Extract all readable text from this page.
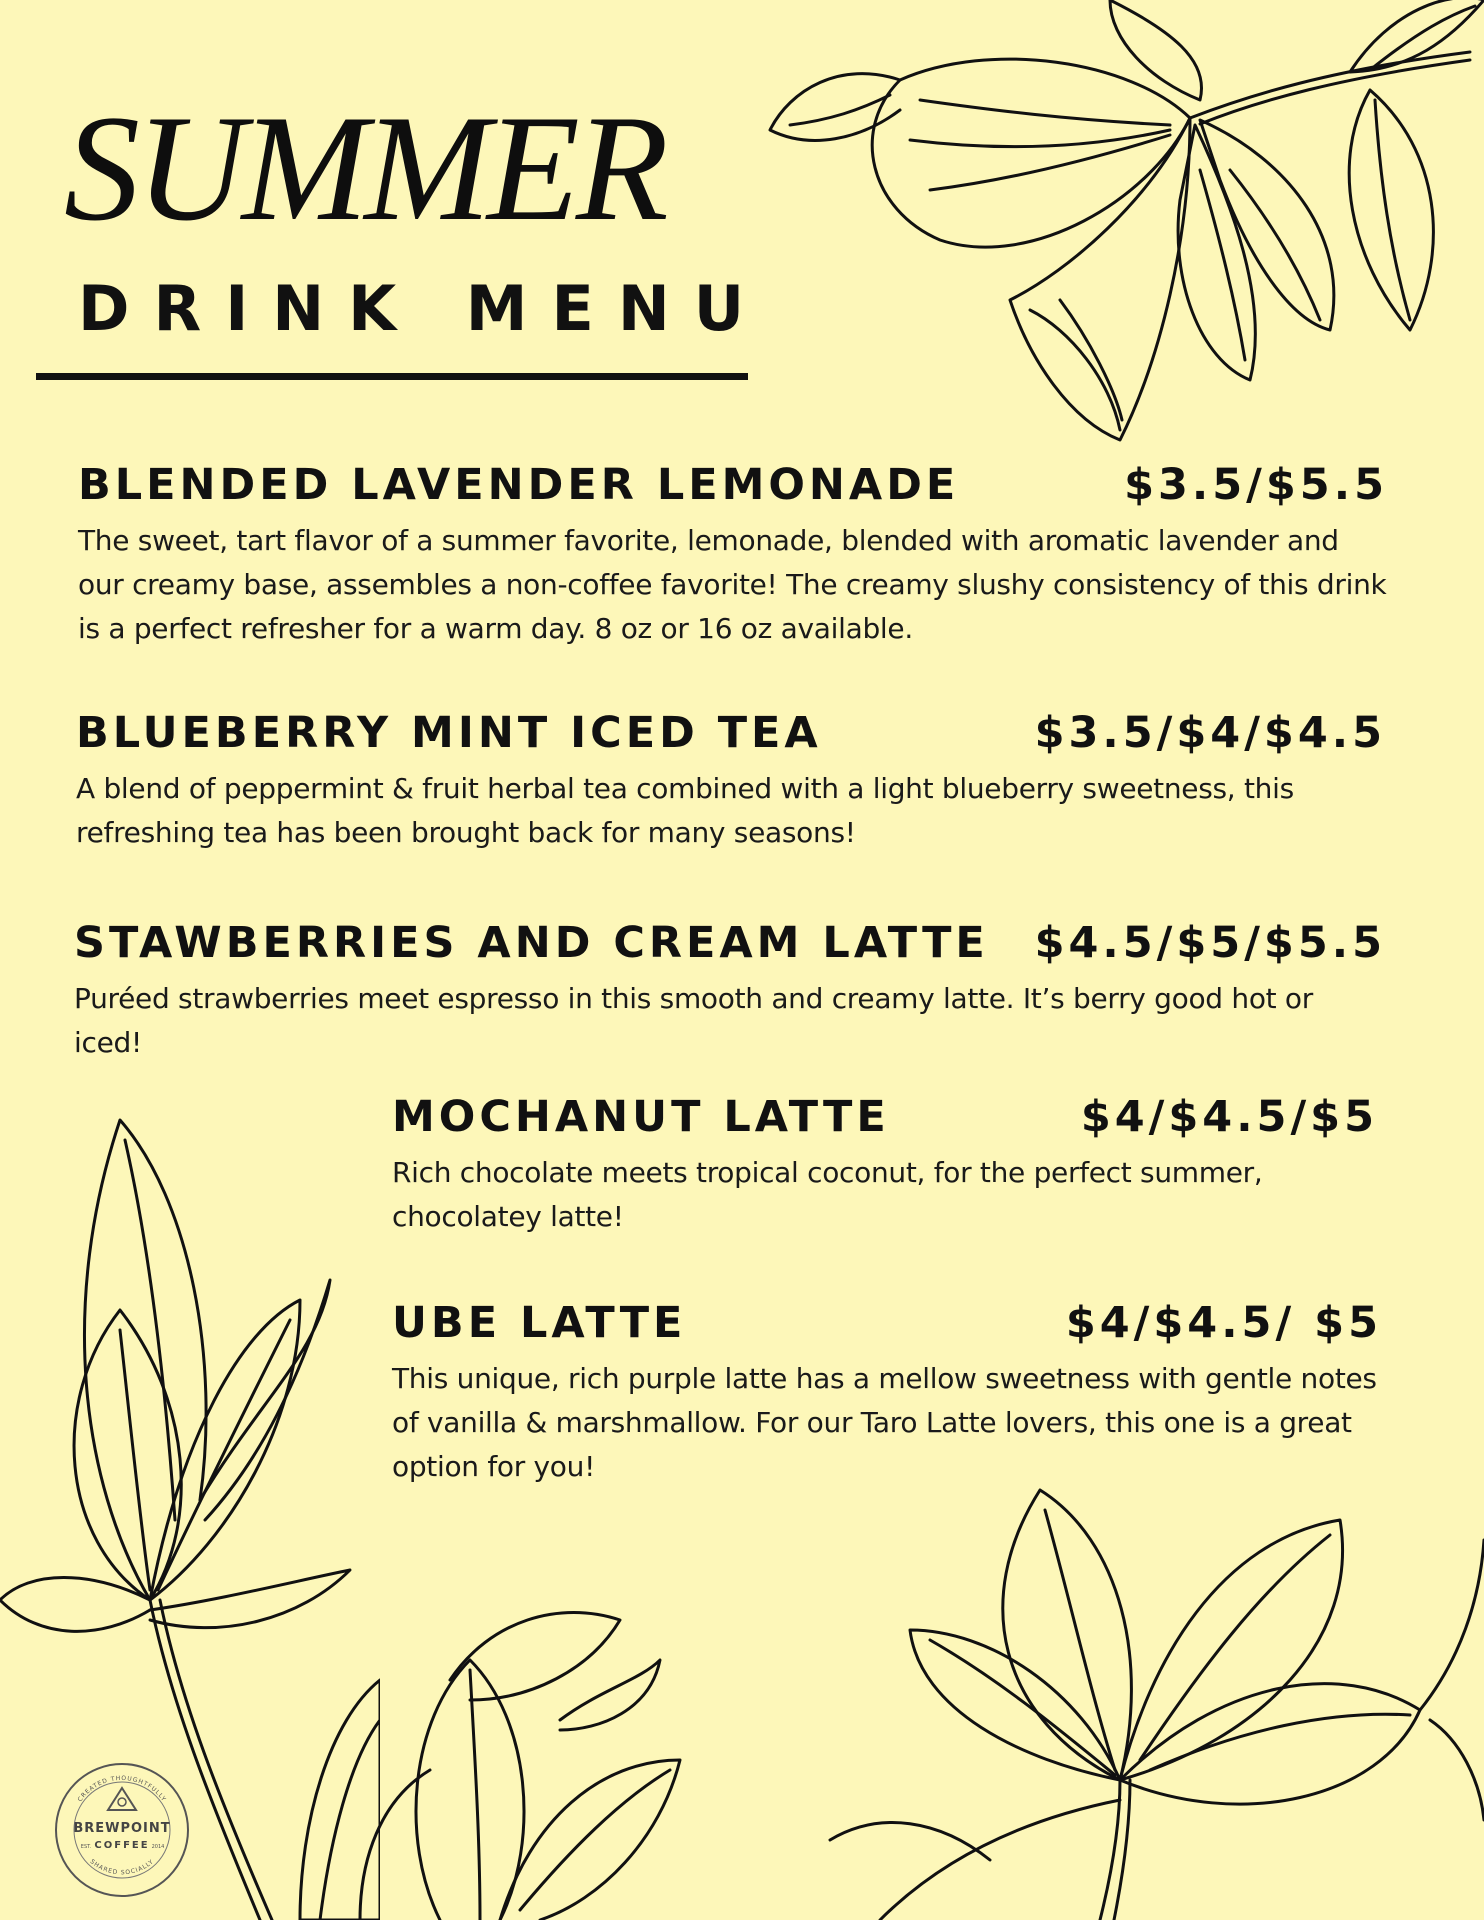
SUMMER
DRINK MENU
BLENDED LAVENDER LEMONADE	$3.5/$5.5

The sweet, tart flavor of a summer favorite, lemonade, blended with aromatic lavender and our creamy base, assembles a non-coffee favorite! The creamy slushy consistency of this drink is a perfect refresher for a warm day. 8 oz or 16 oz available.

BLUEBERRY MINT ICED TEA	$3.5/$4/$4.5

A blend of peppermint & fruit herbal tea combined with a light blueberry sweetness, this refreshing tea has been brought back for many seasons!

STAWBERRIES AND CREAM LATTE $4.5/$5/$5.5

Puréed strawberries meet espresso in this smooth and creamy latte. It’s berry good hot or iced!

MOCHANUT LATTE	$4/$4.5/$5

Rich chocolate meets tropical coconut, for the perfect summer, chocolatey latte!

UBE LATTE	$4/$4.5/ $5

This unique, rich purple latte has a mellow sweetness with gentle notes of vanilla & marshmallow. For our Taro Latte lovers, this one is a great option for you!

BREWPOINT
COFFEE
EST.	2014
CREATED THOUGHTFULLY
SHARED SOCIALLY
